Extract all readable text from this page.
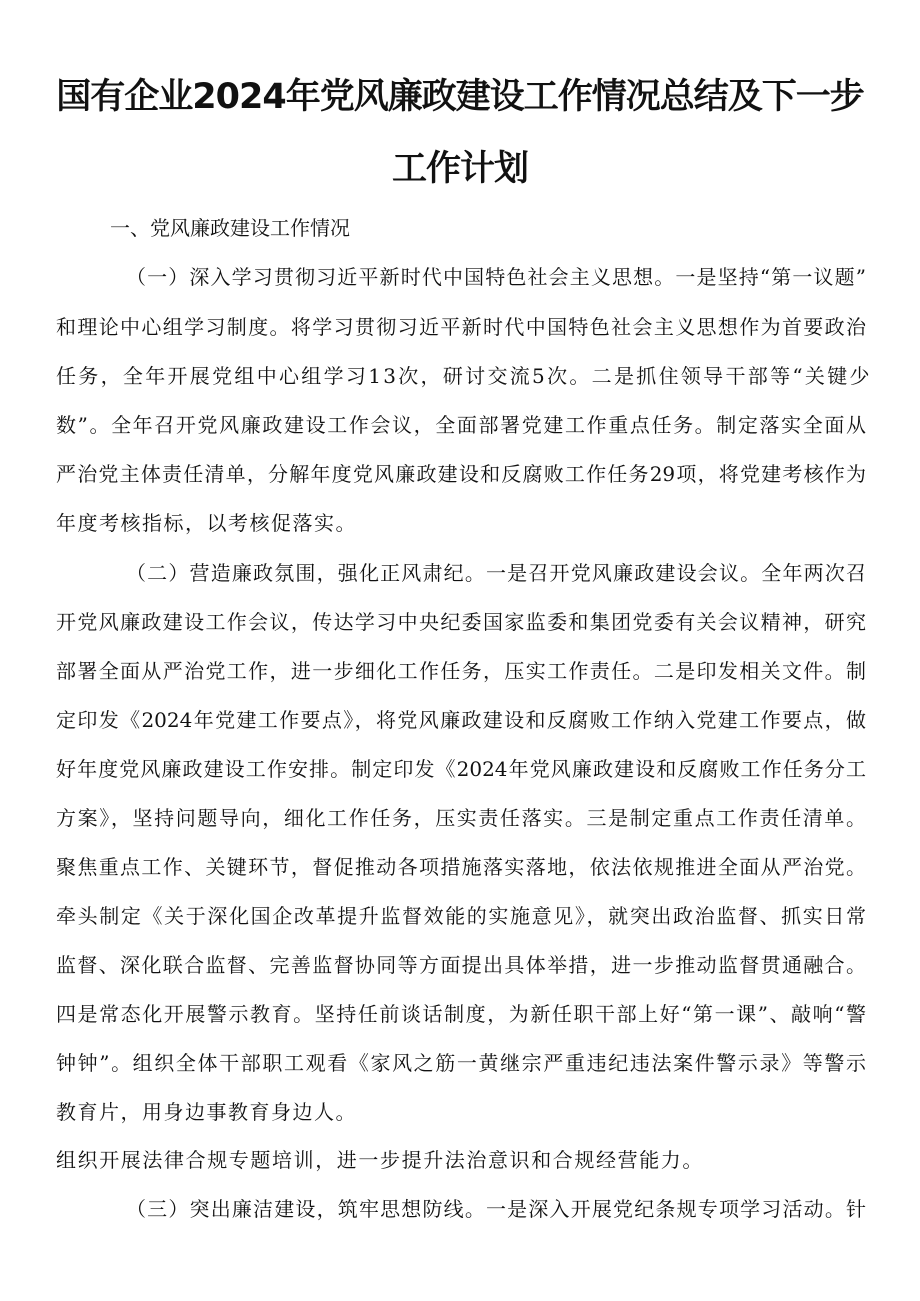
国有企业2024年党风廉政建设工作情况总结及下一步
工作计划

一、党风廉政建设工作情况

（一）深入学习贯彻习近平新时代中国特色社会主义思想。一是坚持“第一议题”

和理论中心组学习制度。将学习贯彻习近平新时代中国特色社会主义思想作为首要政治

任务，全年开展党组中心组学习13次，研讨交流5次。二是抓住领导干部等“关键少

数”。全年召开党风廉政建设工作会议，全面部署党建工作重点任务。制定落实全面从

严治党主体责任清单，分解年度党风廉政建设和反腐败工作任务29项，将党建考核作为

年度考核指标，以考核促落实。

（二）营造廉政氛围，强化正风肃纪。一是召开党风廉政建设会议。全年两次召

开党风廉政建设工作会议，传达学习中央纪委国家监委和集团党委有关会议精神，研究

部署全面从严治党工作，进一步细化工作任务，压实工作责任。二是印发相关文件。制

定印发《2024年党建工作要点》，将党风廉政建设和反腐败工作纳入党建工作要点，做

好年度党风廉政建设工作安排。制定印发《2024年党风廉政建设和反腐败工作任务分工

方案》，坚持问题导向，细化工作任务，压实责任落实。三是制定重点工作责任清单。

聚焦重点工作、关键环节，督促推动各项措施落实落地，依法依规推进全面从严治党。

牵头制定《关于深化国企改革提升监督效能的实施意见》，就突出政治监督、抓实日常

监督、深化联合监督、完善监督协同等方面提出具体举措，进一步推动监督贯通融合。

四是常态化开展警示教育。坚持任前谈话制度，为新任职干部上好“第一课”、敲响“警

钟钟”。组织全体干部职工观看《家风之筋一黄继宗严重违纪违法案件警示录》等警示

教育片，用身边事教育身边人。

组织开展法律合规专题培训，进一步提升法治意识和合规经营能力。

（三）突出廉洁建设，筑牢思想防线。一是深入开展党纪条规专项学习活动。针
